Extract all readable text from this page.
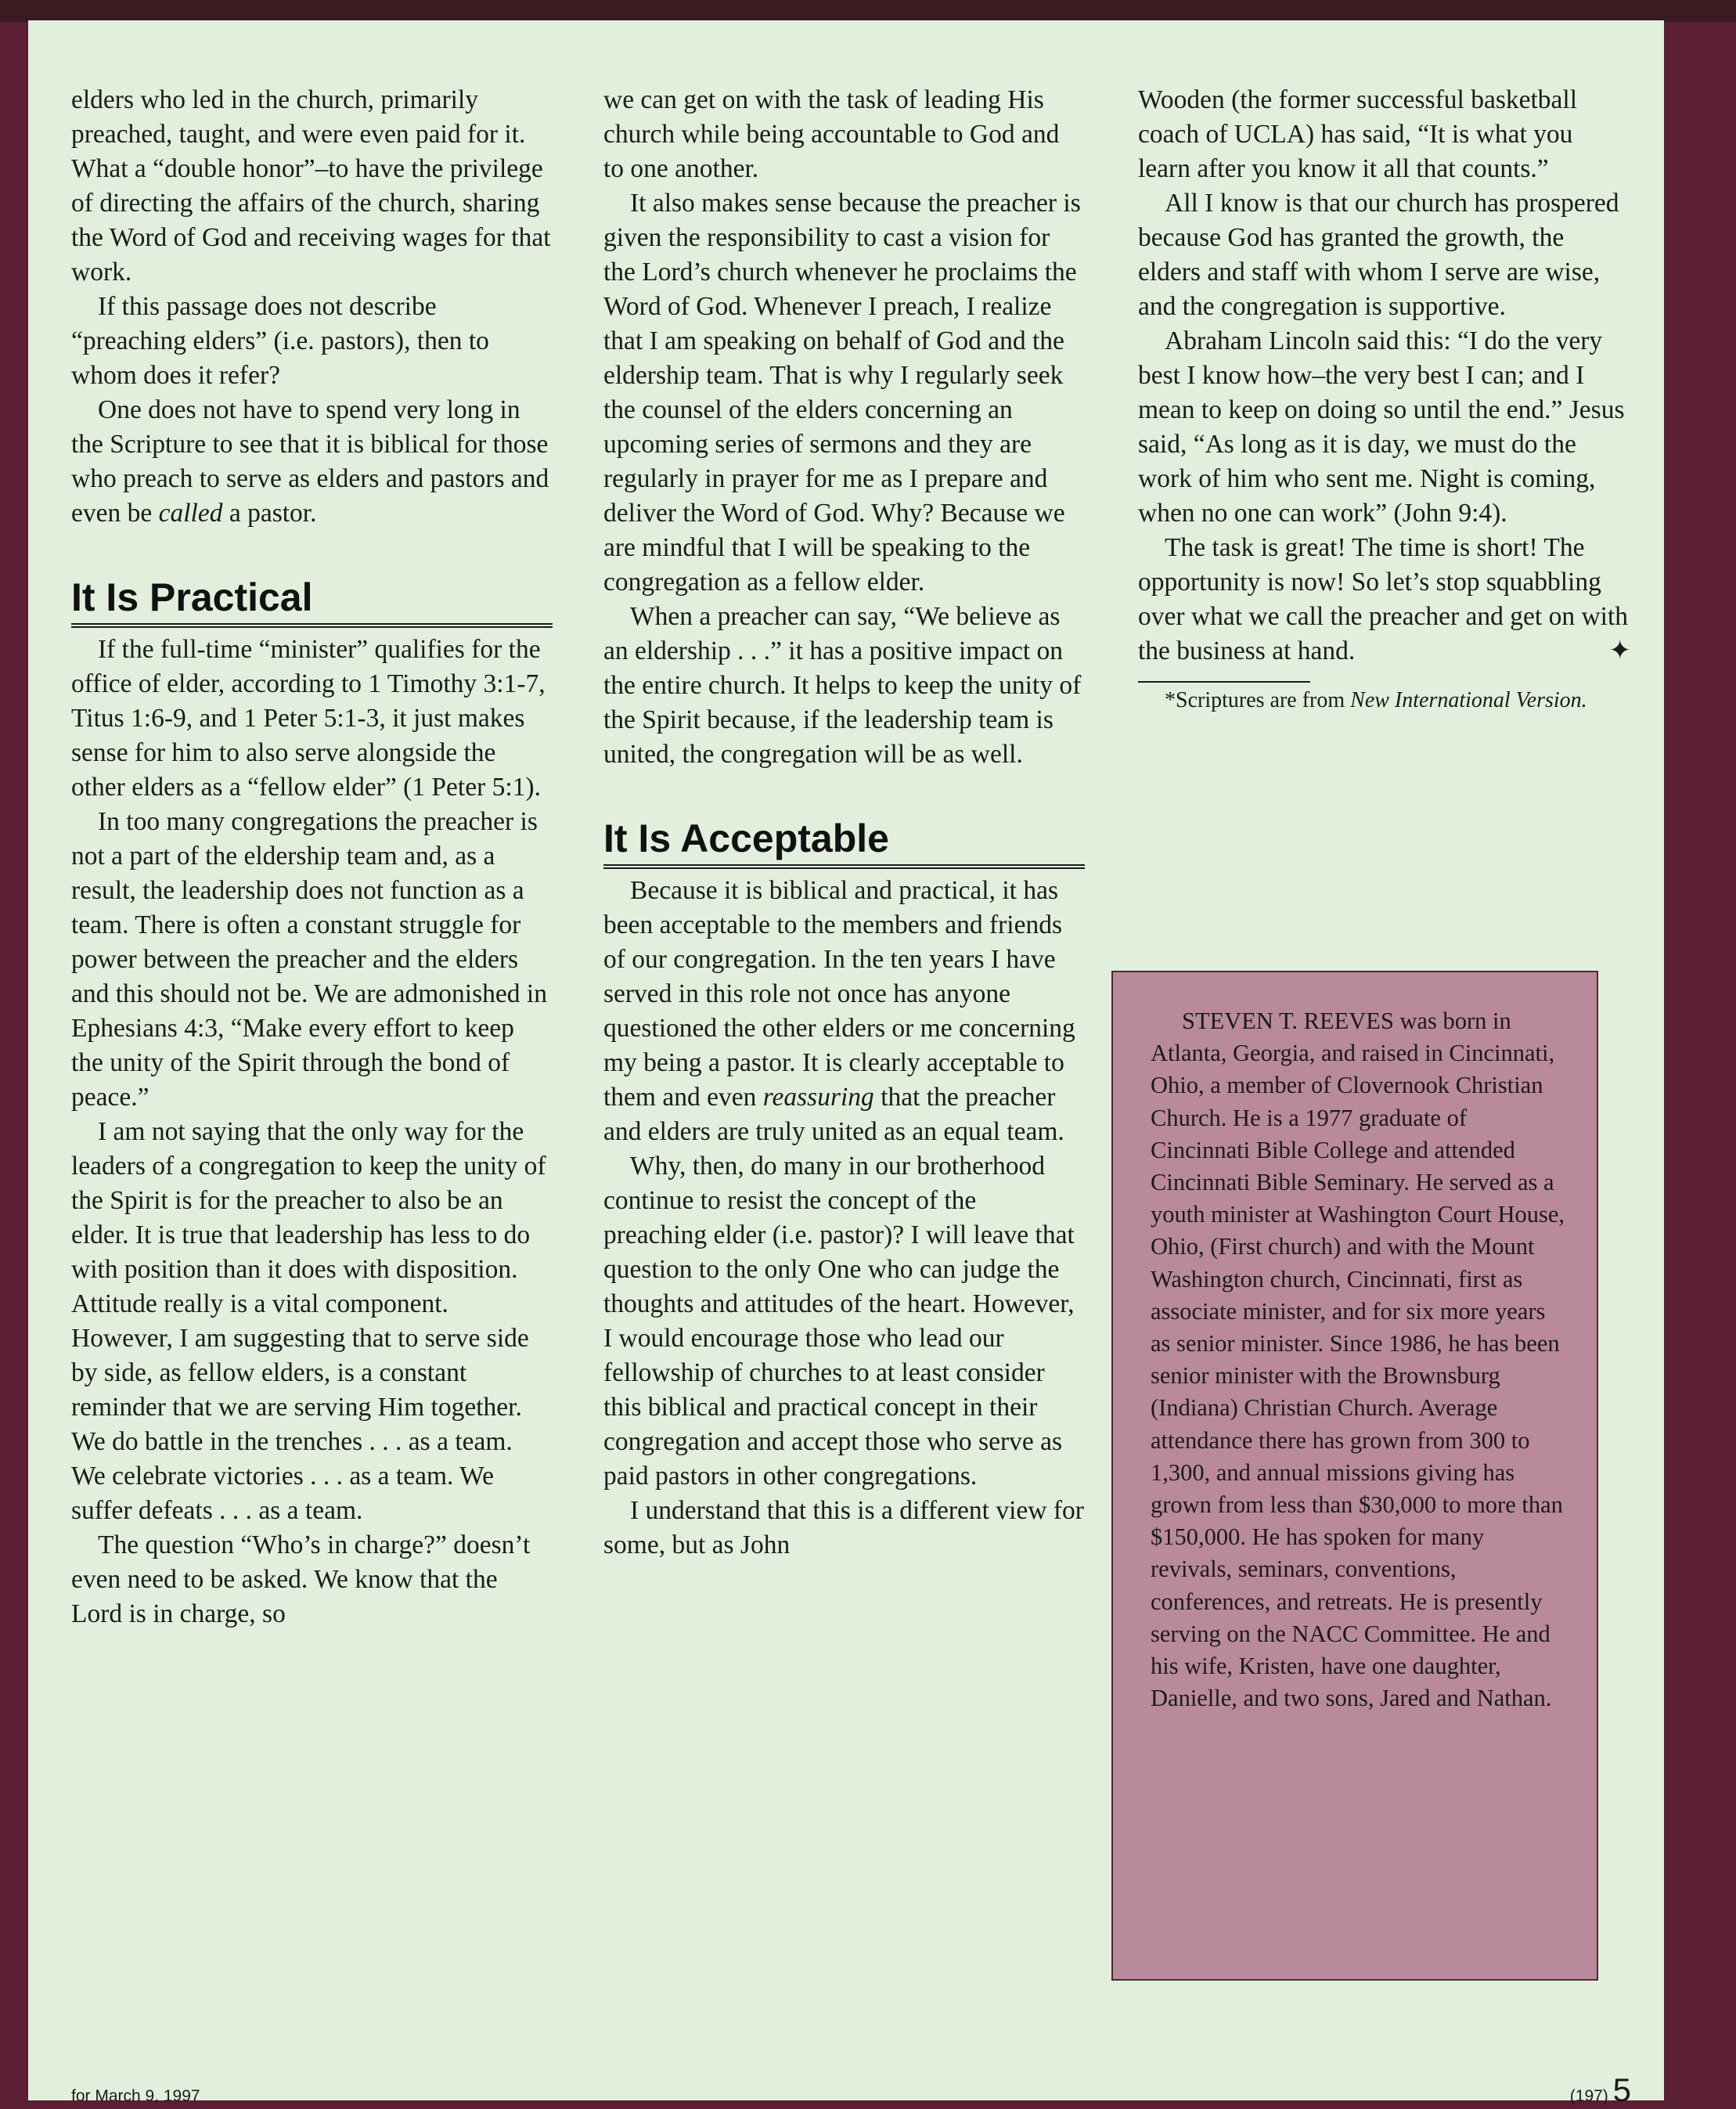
elders who led in the church, primarily preached, taught, and were even paid for it. What a “double honor”–to have the privilege of directing the affairs of the church, sharing the Word of God and receiving wages for that work.

If this passage does not describe “preaching elders” (i.e. pastors), then to whom does it refer?

One does not have to spend very long in the Scripture to see that it is biblical for those who preach to serve as elders and pastors and even be called a pastor.

It Is Practical

If the full-time “minister” qualifies for the office of elder, according to 1 Timothy 3:1-7, Titus 1:6-9, and 1 Peter 5:1-3, it just makes sense for him to also serve alongside the other elders as a “fellow elder” (1 Peter 5:1).

In too many congregations the preacher is not a part of the eldership team and, as a result, the leadership does not function as a team. There is often a constant struggle for power between the preacher and the elders and this should not be. We are admonished in Ephesians 4:3, “Make every effort to keep the unity of the Spirit through the bond of peace.”

I am not saying that the only way for the leaders of a congregation to keep the unity of the Spirit is for the preacher to also be an elder. It is true that leadership has less to do with position than it does with disposition. Attitude really is a vital component. However, I am suggesting that to serve side by side, as fellow elders, is a constant reminder that we are serving Him together. We do battle in the trenches . . . as a team. We celebrate victories . . . as a team. We suffer defeats . . . as a team.

The question “Who’s in charge?” doesn’t even need to be asked. We know that the Lord is in charge, so

we can get on with the task of leading His church while being accountable to God and to one another.

It also makes sense because the preacher is given the responsibility to cast a vision for the Lord’s church whenever he proclaims the Word of God. Whenever I preach, I realize that I am speaking on behalf of God and the eldership team. That is why I regularly seek the counsel of the elders concerning an upcoming series of sermons and they are regularly in prayer for me as I prepare and deliver the Word of God. Why? Because we are mindful that I will be speaking to the congregation as a fellow elder.

When a preacher can say, “We believe as an eldership . . .” it has a positive impact on the entire church. It helps to keep the unity of the Spirit because, if the leadership team is united, the congregation will be as well.

It Is Acceptable

Because it is biblical and practical, it has been acceptable to the members and friends of our congregation. In the ten years I have served in this role not once has anyone questioned the other elders or me concerning my being a pastor. It is clearly acceptable to them and even reassuring that the preacher and elders are truly united as an equal team.

Why, then, do many in our brotherhood continue to resist the concept of the preaching elder (i.e. pastor)? I will leave that question to the only One who can judge the thoughts and attitudes of the heart. However, I would encourage those who lead our fellowship of churches to at least consider this biblical and practical concept in their congregation and accept those who serve as paid pastors in other congregations.

I understand that this is a different view for some, but as John

Wooden (the former successful basketball coach of UCLA) has said, “It is what you learn after you know it all that counts.”

All I know is that our church has prospered because God has granted the growth, the elders and staff with whom I serve are wise, and the congregation is supportive.

Abraham Lincoln said this: “I do the very best I know how–the very best I can; and I mean to keep on doing so until the end.” Jesus said, “As long as it is day, we must do the work of him who sent me. Night is coming, when no one can work” (John 9:4).

The task is great! The time is short! The opportunity is now! So let’s stop squabbling over what we call the preacher and get on with the business at hand.	✦

*Scriptures are from New International Version.

for March 9, 1997	(197) 5

STEVEN T. REEVES was born in Atlanta, Georgia, and raised in Cincinnati, Ohio, a member of Clovernook Christian Church. He is a 1977 graduate of Cincinnati Bible College and attended Cincinnati Bible Seminary. He served as a youth minister at Washington Court House, Ohio, (First church) and with the Mount Washington church, Cincinnati, first as associate minister, and for six more years as senior minister. Since 1986, he has been senior minister with the Brownsburg (Indiana) Christian Church. Average attendance there has grown from 300 to 1,300, and annual missions giving has grown from less than $30,000 to more than $150,000. He has spoken for many revivals, seminars, conventions, conferences, and retreats. He is presently serving on the NACC Committee. He and his wife, Kristen, have one daughter, Danielle, and two sons, Jared and Nathan.
